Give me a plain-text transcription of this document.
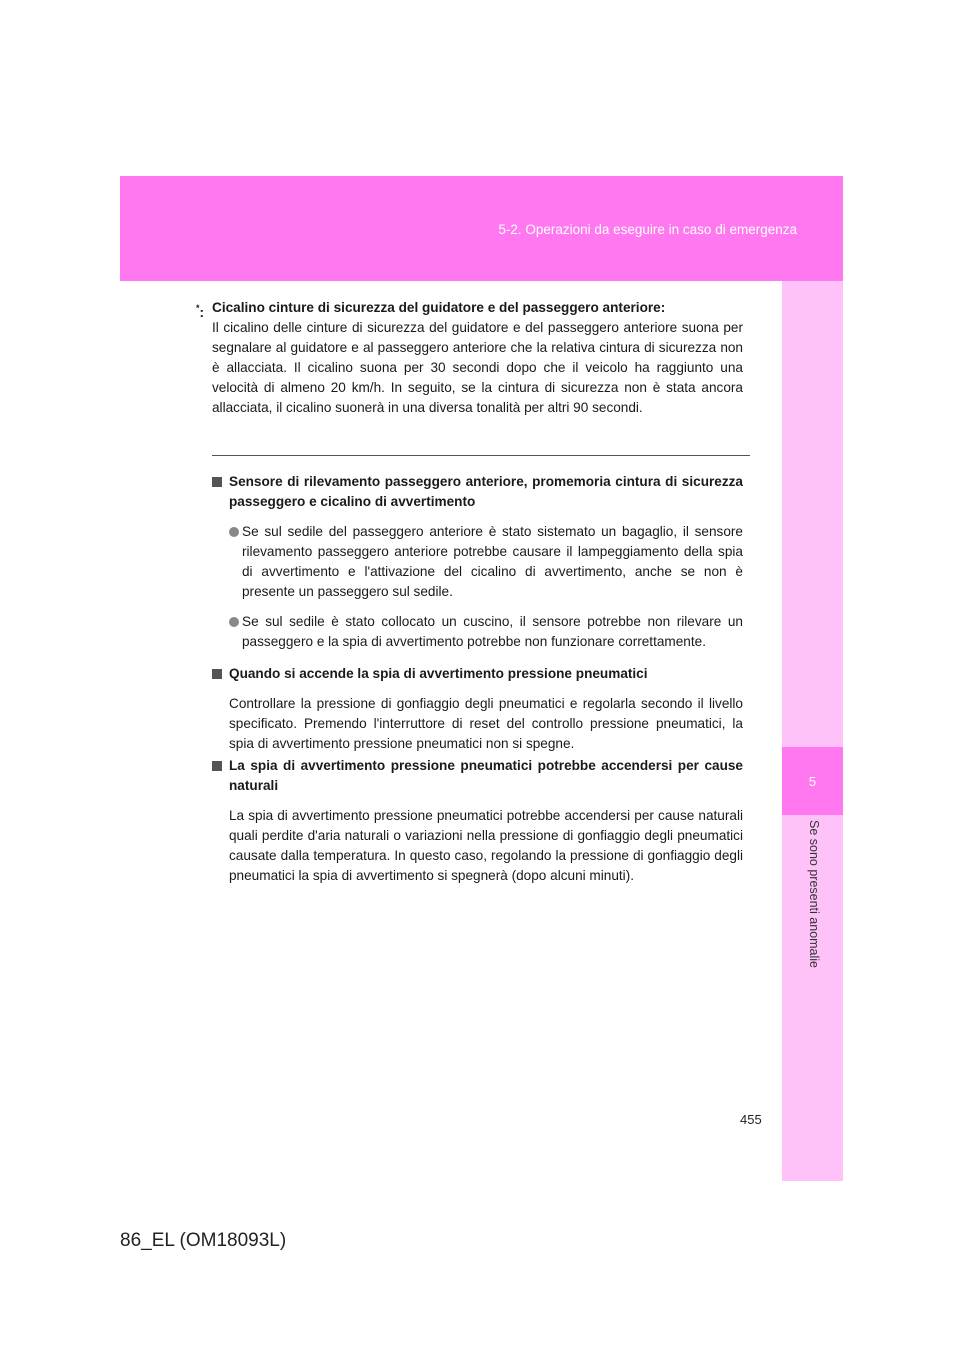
5-2. Operazioni da eseguire in caso di emergenza
5
Se sono presenti anomalie
*: Cicalino cinture di sicurezza del guidatore e del passeggero anteriore:
Il cicalino delle cinture di sicurezza del guidatore e del passeggero anteriore suona per segnalare al guidatore e al passeggero anteriore che la relativa cintura di sicurezza non è allacciata. Il cicalino suona per 30 secondi dopo che il veicolo ha raggiunto una velocità di almeno 20 km/h. In seguito, se la cintura di sicurezza non è stata ancora allacciata, il cicalino suonerà in una diversa tonalità per altri 90 secondi.
Sensore di rilevamento passeggero anteriore, promemoria cintura di sicurezza passeggero e cicalino di avvertimento
Se sul sedile del passeggero anteriore è stato sistemato un bagaglio, il sensore rilevamento passeggero anteriore potrebbe causare il lampeggiamento della spia di avvertimento e l'attivazione del cicalino di avvertimento, anche se non è presente un passeggero sul sedile.
Se sul sedile è stato collocato un cuscino, il sensore potrebbe non rilevare un passeggero e la spia di avvertimento potrebbe non funzionare correttamente.
Quando si accende la spia di avvertimento pressione pneumatici
Controllare la pressione di gonfiaggio degli pneumatici e regolarla secondo il livello specificato. Premendo l'interruttore di reset del controllo pressione pneumatici, la spia di avvertimento pressione pneumatici non si spegne.
La spia di avvertimento pressione pneumatici potrebbe accendersi per cause naturali
La spia di avvertimento pressione pneumatici potrebbe accendersi per cause naturali quali perdite d'aria naturali o variazioni nella pressione di gonfiaggio degli pneumatici causate dalla temperatura. In questo caso, regolando la pressione di gonfiaggio degli pneumatici la spia di avvertimento si spegnerà (dopo alcuni minuti).
455
86_EL (OM18093L)
